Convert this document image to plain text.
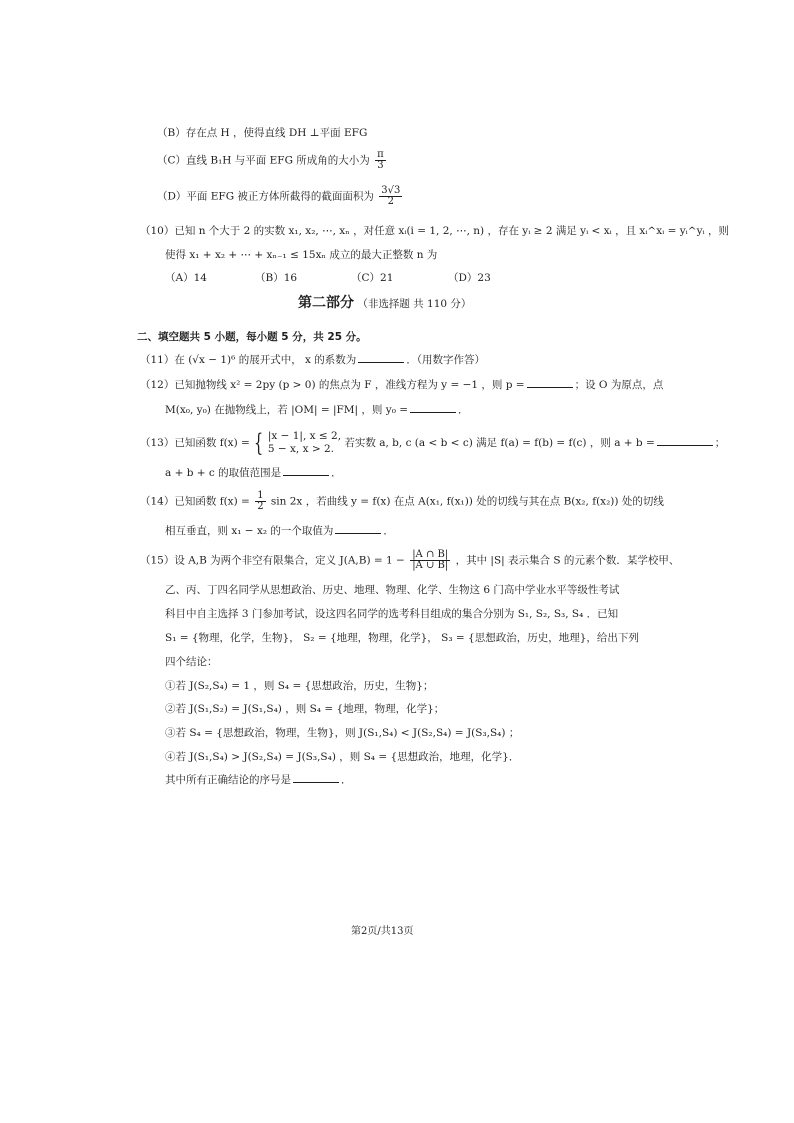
（B）存在点 H ，使得直线 DH ⊥平面 EFG
（C）直线 B₁H 与平面 EFG 所成角的大小为 $\frac{\pi}{3}$
（D）平面 EFG 被正方体所截得的截面面积为 $\frac{3√3}{2}$
（10）已知 n 个大于 2 的实数 x₁, x₂, ⋯, xₙ ，对任意 xᵢ(i = 1, 2, ⋯, n) ，存在 yᵢ ≥ 2 满足 yᵢ < xᵢ ，且 xᵢ^xᵢ = yᵢ^yᵢ ，则
使得 x₁ + x₂ + ⋯ + xₙ₋₁ ≤ 15xₙ 成立的最大正整数 n 为
（A）14	（B）16	（C）21	（D）23
第二部分 （非选择题 共 110 分）
二、填空题共 5 小题，每小题 5 分，共 25 分。
（11）在 (√x − 1)⁶ 的展开式中， x 的系数为	．（用数字作答）
（12）已知抛物线 x² = 2py (p > 0) 的焦点为 F ，准线方程为 y = −1 ，则 p =	；设 O 为原点，点
M(x₀, y₀) 在抛物线上，若 |OM| = |FM| ，则 y₀ =	．
（13）已知函数 f(x) = { |x − 1|, x ≤ 2,
5 − x, x > 2. 若实数 a, b, c (a < b < c) 满足 f(a) = f(b) = f(c) ，则 a + b =	；
a + b + c 的取值范围是	．
（14）已知函数 $f(x) = \frac{1}{2}$ sin 2x ，若曲线 y = f(x) 在点 A(x₁, f(x₁)) 处的切线与其在点 B(x₂, f(x₂)) 处的切线
相互垂直，则 x₁ − x₂ 的一个取值为	．
（15）设 A,B 为两个非空有限集合，定义 $J(A,B) = 1 - \frac{|A \cap B|}{|A \cup B|}$ ，其中 |S| 表示集合 S 的元素个数．某学校甲、
乙、丙、丁四名同学从思想政治、历史、地理、物理、化学、生物这 6 门高中学业水平等级性考试
科目中自主选择 3 门参加考试，设这四名同学的选考科目组成的集合分别为 S₁, S₂, S₃, S₄ ．已知
S₁ = {物理，化学，生物}， S₂ = {地理，物理，化学}， S₃ = {思想政治，历史，地理}，给出下列
四个结论：
①若 J(S₂,S₄) = 1 ，则 S₄ = {思想政治，历史，生物}；
②若 J(S₁,S₂) = J(S₁,S₄) ，则 S₄ = {地理，物理，化学}；
③若 S₄ = {思想政治，物理，生物}，则 J(S₁,S₄) < J(S₂,S₄) = J(S₃,S₄) ；
④若 J(S₁,S₄) > J(S₂,S₄) = J(S₃,S₄) ，则 S₄ = {思想政治，地理，化学}．
其中所有正确结论的序号是	．
第2页/共13页
